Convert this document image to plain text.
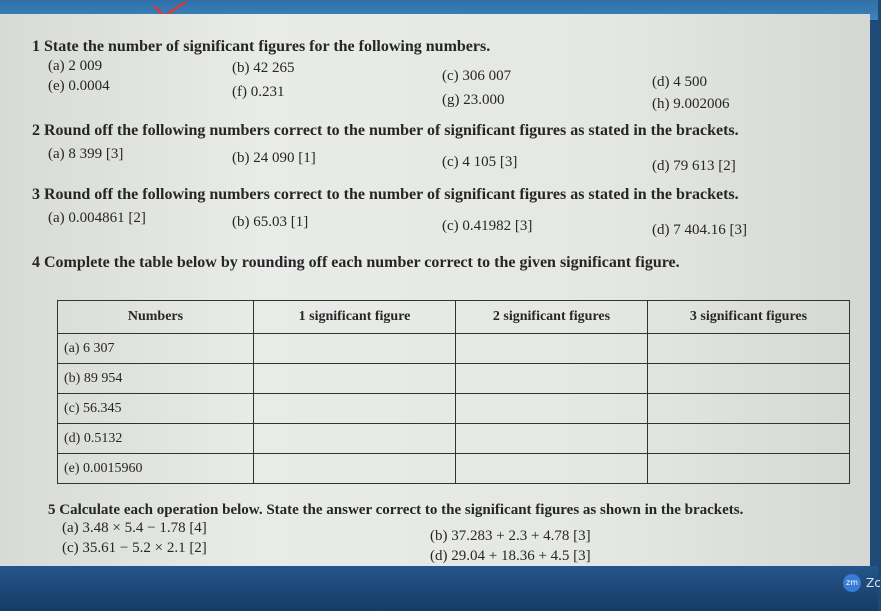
1 State the number of significant figures for the following numbers.
(a) 2 009	(b) 42 265	(c) 306 007	(d) 4 500
(e) 0.0004	(f) 0.231	(g) 23.000	(h) 9.002006
2 Round off the following numbers correct to the number of significant figures as stated in the brackets.
(a) 8 399 [3]	(b) 24 090 [1]	(c) 4 105 [3]	(d) 79 613 [2]
3 Round off the following numbers correct to the number of significant figures as stated in the brackets.
(a) 0.004861 [2]	(b) 65.03 [1]	(c) 0.41982 [3]	(d) 7 404.16 [3]
4 Complete the table below by rounding off each number correct to the given significant figure.
Numbers	1 significant figure	2 significant figures	3 significant figures
(a) 6 307			
(b) 89 954			
(c) 56.345			
(d) 0.5132			
(e) 0.0015960			
5 Calculate each operation below. State the answer correct to the significant figures as shown in the brackets.
(a) 3.48 × 5.4 − 1.78 [4]	(b) 37.283 + 2.3 + 4.78 [3]
(c) 35.61 − 5.2 × 2.1 [2]	(d) 29.04 + 18.36 + 4.5 [3]
zm Zc
